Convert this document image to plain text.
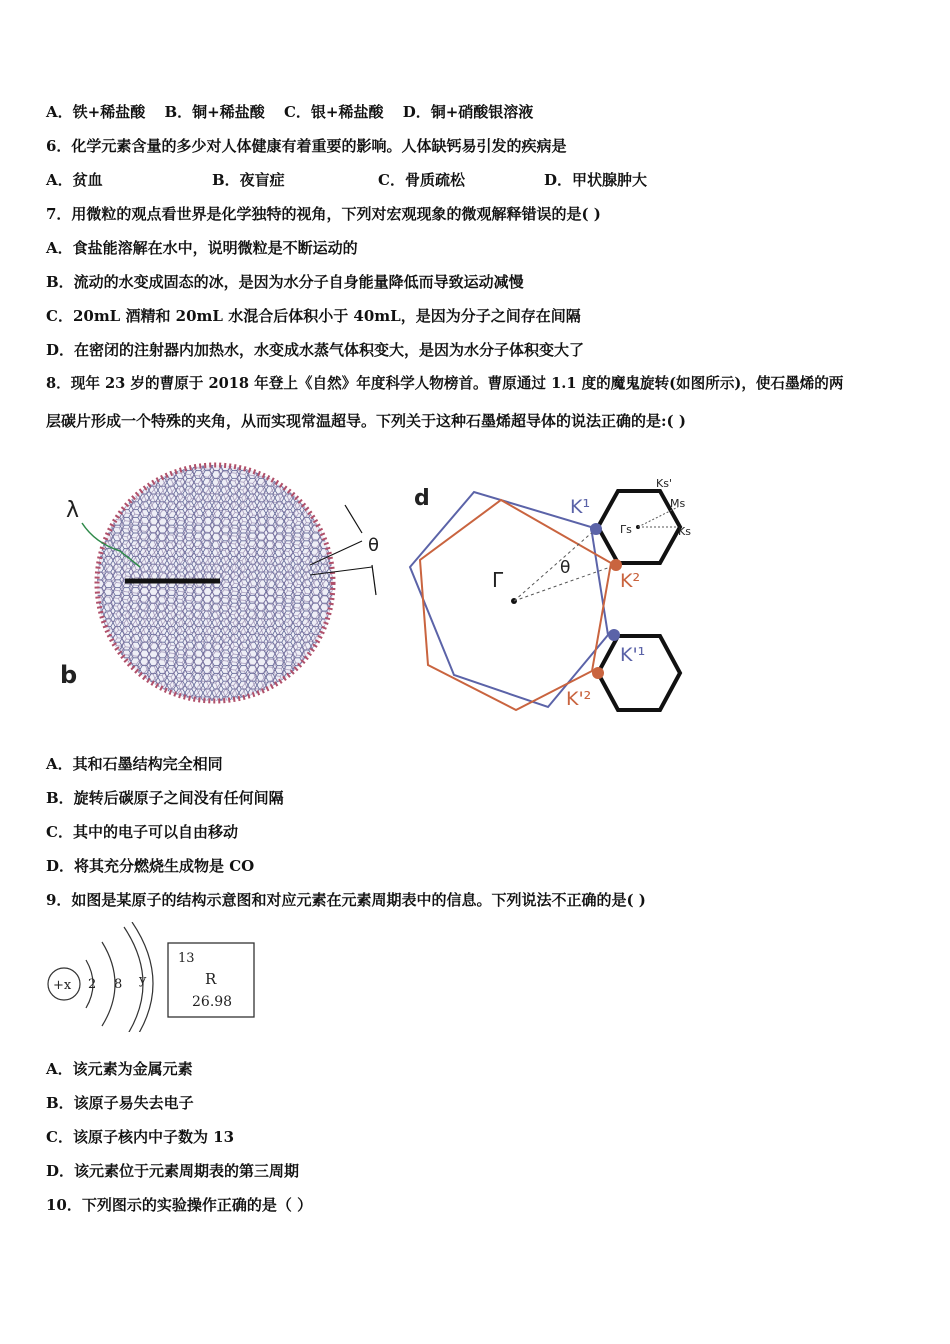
A．铁+稀盐酸 B．铜+稀盐酸 C．银+稀盐酸 D．铜+硝酸银溶液
6．化学元素含量的多少对人体健康有着重要的影响。人体缺钙易引发的疾病是
A．贫血	B．夜盲症	C．骨质疏松	D．甲状腺肿大
7．用微粒的观点看世界是化学独特的视角，下列对宏观现象的微观解释错误的是( )
A．食盐能溶解在水中，说明微粒是不断运动的
B．流动的水变成固态的冰，是因为水分子自身能量降低而导致运动减慢
C．20mL 酒精和 20mL 水混合后体积小于 40mL，是因为分子之间存在间隔
D．在密闭的注射器内加热水，水变成水蒸气体积变大，是因为水分子体积变大了
8．现年 23 岁的曹原于 2018 年登上《自然》年度科学人物榜首。曹原通过 1.1 度的魔鬼旋转(如图所示)，使石墨烯的两
层碳片形成一个特殊的夹角，从而实现常温超导。下列关于这种石墨烯超导体的说法正确的是:( )
λ
θ
b
d
Γ	θ
K¹
K²
K'¹
K'²
Γs	Ks
Ms
Ks'
A．其和石墨结构完全相同
B．旋转后碳原子之间没有任何间隔
C．其中的电子可以自由移动
D．将其充分燃烧生成物是 CO
9．如图是某原子的结构示意图和对应元素在元素周期表中的信息。下列说法不正确的是( )
+x 2 8 y
13
R
26.98
A．该元素为金属元素
B．该原子易失去电子
C．该原子核内中子数为 13
D．该元素位于元素周期表的第三周期
10．下列图示的实验操作正确的是（ ）
